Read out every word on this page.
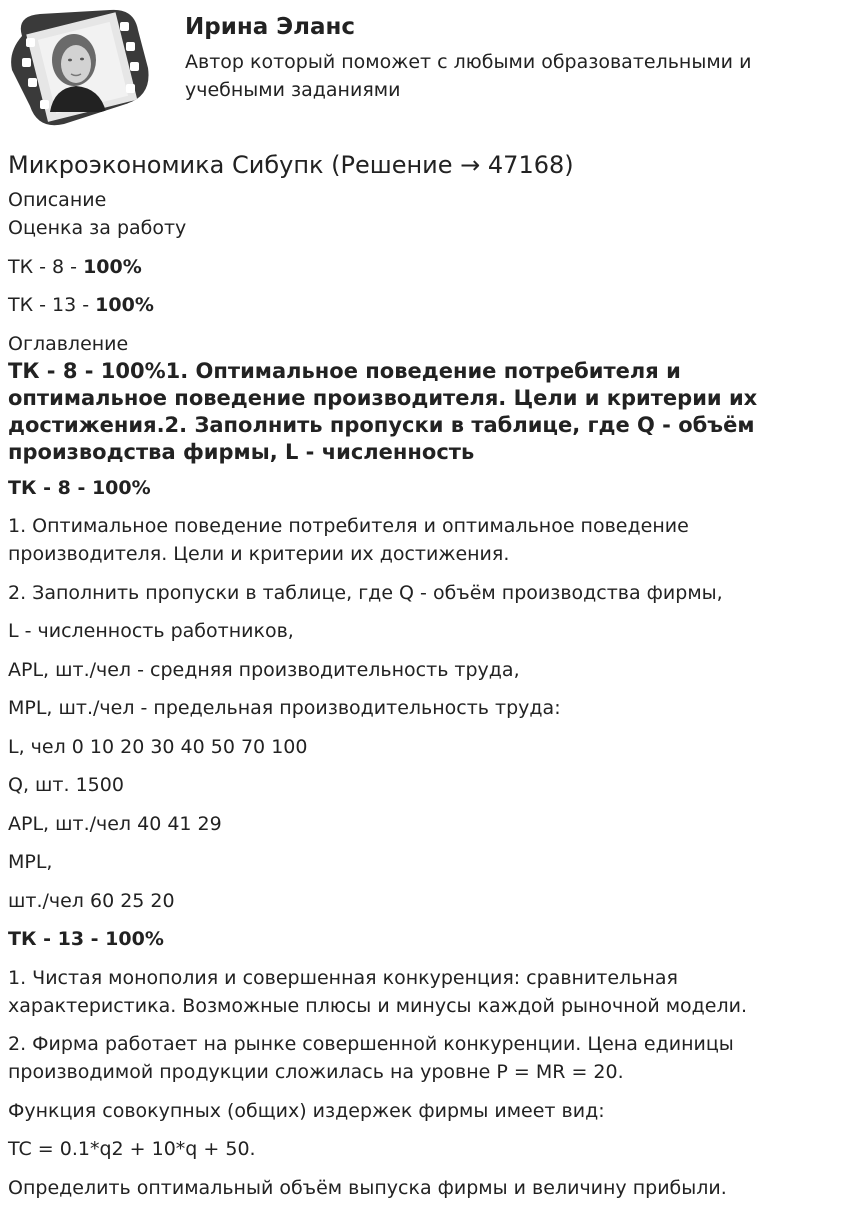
Ирина Эланс

Автор который поможет с любыми образовательными и учебными заданиями

Микроэкономика Сибупк (Решение → 47168)

Описание

Оценка за работу

ТК - 8 - 100%

ТК - 13 - 100%

Оглавление

ТК - 8 - 100%1. Оптимальное поведение потребителя и оптимальное поведение производителя. Цели и критерии их достижения.2. Заполнить пропуски в таблице, где Q - объём производства фирмы, L - численность

ТК - 8 - 100%

1. Оптимальное поведение потребителя и оптимальное поведение производителя. Цели и критерии их достижения.

2. Заполнить пропуски в таблице, где Q - объём производства фирмы,

L - численность работников,

APL, шт./чел - средняя производительность труда,

MPL, шт./чел - предельная производительность труда:

L, чел 0 10 20 30 40 50 70 100

Q, шт. 1500

APL, шт./чел 40 41 29

MPL,

шт./чел 60 25 20

ТК - 13 - 100%

1. Чистая монополия и совершенная конкуренция: сравнительная характеристика. Возможные плюсы и минусы каждой рыночной модели.

2. Фирма работает на рынке совершенной конкуренции. Цена единицы производимой продукции сложилась на уровне P = MR = 20.

Функция совокупных (общих) издержек фирмы имеет вид:

TC = 0.1*q2 + 10*q + 50.

Определить оптимальный объём выпуска фирмы и величину прибыли.
